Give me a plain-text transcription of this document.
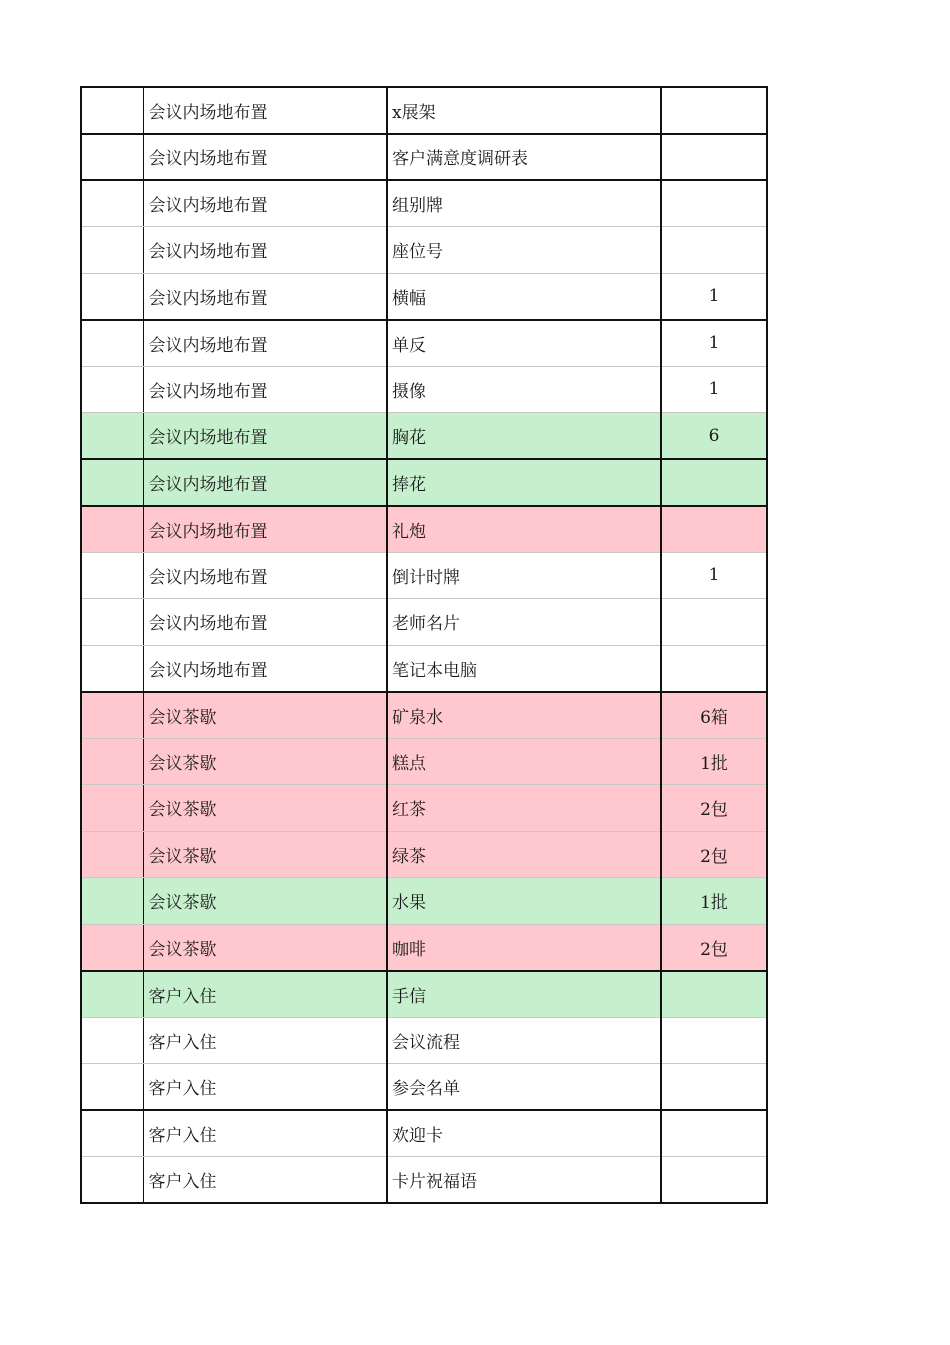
	会议内场地布置	x展架	
	会议内场地布置	客户满意度调研表	
	会议内场地布置	组别牌	
	会议内场地布置	座位号	
	会议内场地布置	横幅	1
	会议内场地布置	单反	1
	会议内场地布置	摄像	1
	会议内场地布置	胸花	6
	会议内场地布置	捧花	
	会议内场地布置	礼炮	
	会议内场地布置	倒计时牌	1
	会议内场地布置	老师名片	
	会议内场地布置	笔记本电脑	
	会议茶歇	矿泉水	6箱
	会议茶歇	糕点	1批
	会议茶歇	红茶	2包
	会议茶歇	绿茶	2包
	会议茶歇	水果	1批
	会议茶歇	咖啡	2包
	客户入住	手信	
	客户入住	会议流程	
	客户入住	参会名单	
	客户入住	欢迎卡	
	客户入住	卡片祝福语	
